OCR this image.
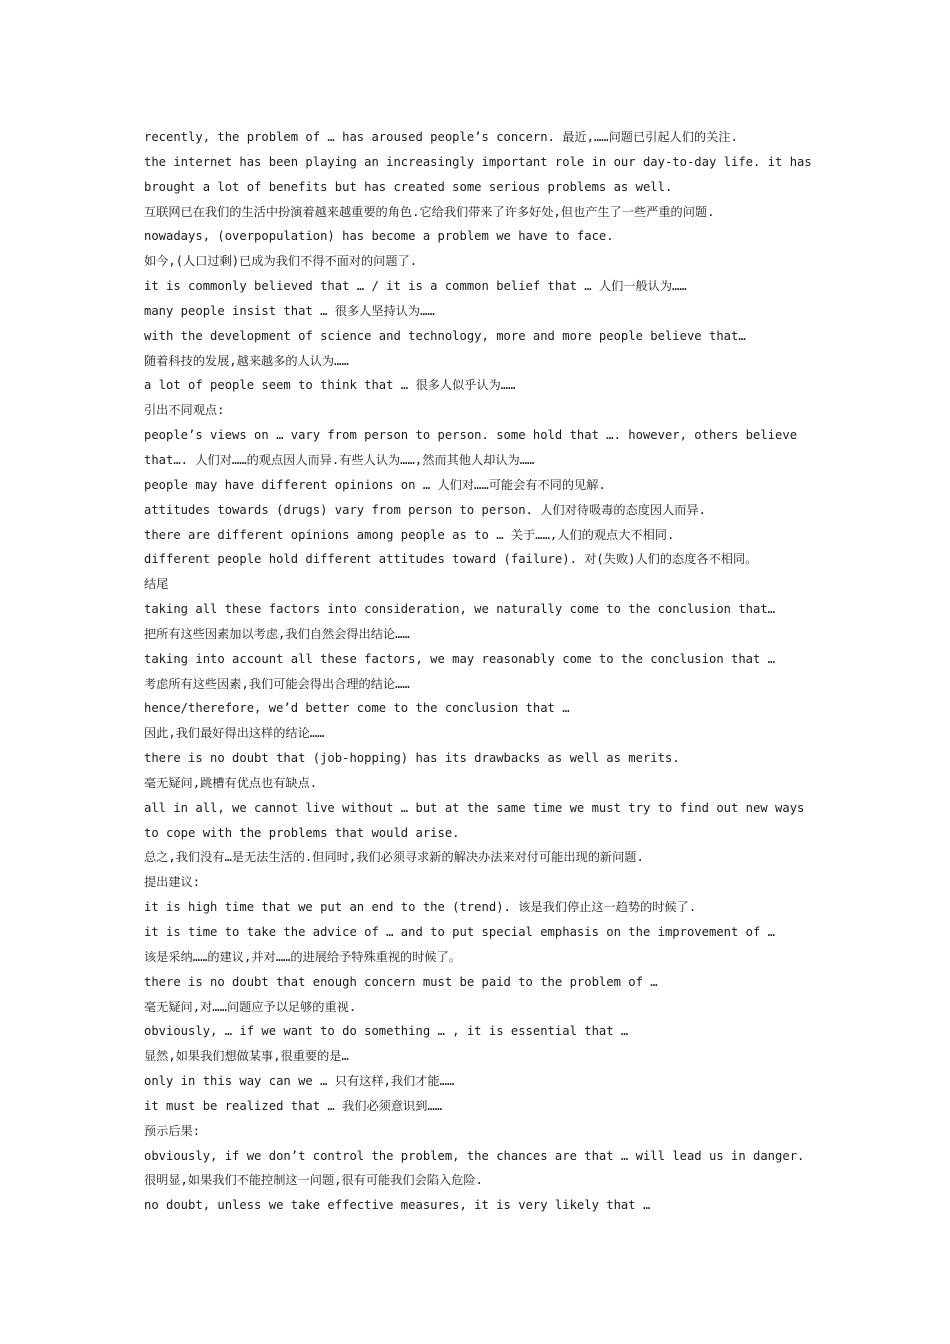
recently, the problem of … has aroused people’s concern. 最近,……问题已引起人们的关注.
the internet has been playing an increasingly important role in our day-to-day life. it has
brought a lot of benefits but has created some serious problems as well.
互联网已在我们的生活中扮演着越来越重要的角色.它给我们带来了许多好处,但也产生了一些严重的问题.
nowadays, (overpopulation) has become a problem we have to face.
如今,(人口过剩)已成为我们不得不面对的问题了.
it is commonly believed that … / it is a common belief that … 人们一般认为……
many people insist that … 很多人坚持认为……
with the development of science and technology, more and more people believe that…
随着科技的发展,越来越多的人认为……
a lot of people seem to think that … 很多人似乎认为……
引出不同观点:
people’s views on … vary from person to person. some hold that …. however, others believe
that…. 人们对……的观点因人而异.有些人认为……,然而其他人却认为……
people may have different opinions on … 人们对……可能会有不同的见解.
attitudes towards (drugs) vary from person to person. 人们对待吸毒的态度因人而异.
there are different opinions among people as to … 关于……,人们的观点大不相同.
different people hold different attitudes toward (failure). 对(失败)人们的态度各不相同。
结尾
taking all these factors into consideration, we naturally come to the conclusion that…
把所有这些因素加以考虑,我们自然会得出结论……
taking into account all these factors, we may reasonably come to the conclusion that …
考虑所有这些因素,我们可能会得出合理的结论……
hence/therefore, we’d better come to the conclusion that …
因此,我们最好得出这样的结论……
there is no doubt that (job-hopping) has its drawbacks as well as merits.
毫无疑问,跳槽有优点也有缺点.
all in all, we cannot live without … but at the same time we must try to find out new ways
to cope with the problems that would arise.
总之,我们没有…是无法生活的.但同时,我们必须寻求新的解决办法来对付可能出现的新问题.
提出建议:
it is high time that we put an end to the (trend). 该是我们停止这一趋势的时候了.
it is time to take the advice of … and to put special emphasis on the improvement of …
该是采纳……的建议,并对……的进展给予特殊重视的时候了。
there is no doubt that enough concern must be paid to the problem of …
毫无疑问,对……问题应予以足够的重视.
obviously, … if we want to do something … , it is essential that …
显然,如果我们想做某事,很重要的是…
only in this way can we … 只有这样,我们才能……
it must be realized that … 我们必须意识到……
预示后果:
obviously, if we don’t control the problem, the chances are that … will lead us in danger.
很明显,如果我们不能控制这一问题,很有可能我们会陷入危险.
no doubt, unless we take effective measures, it is very likely that …
